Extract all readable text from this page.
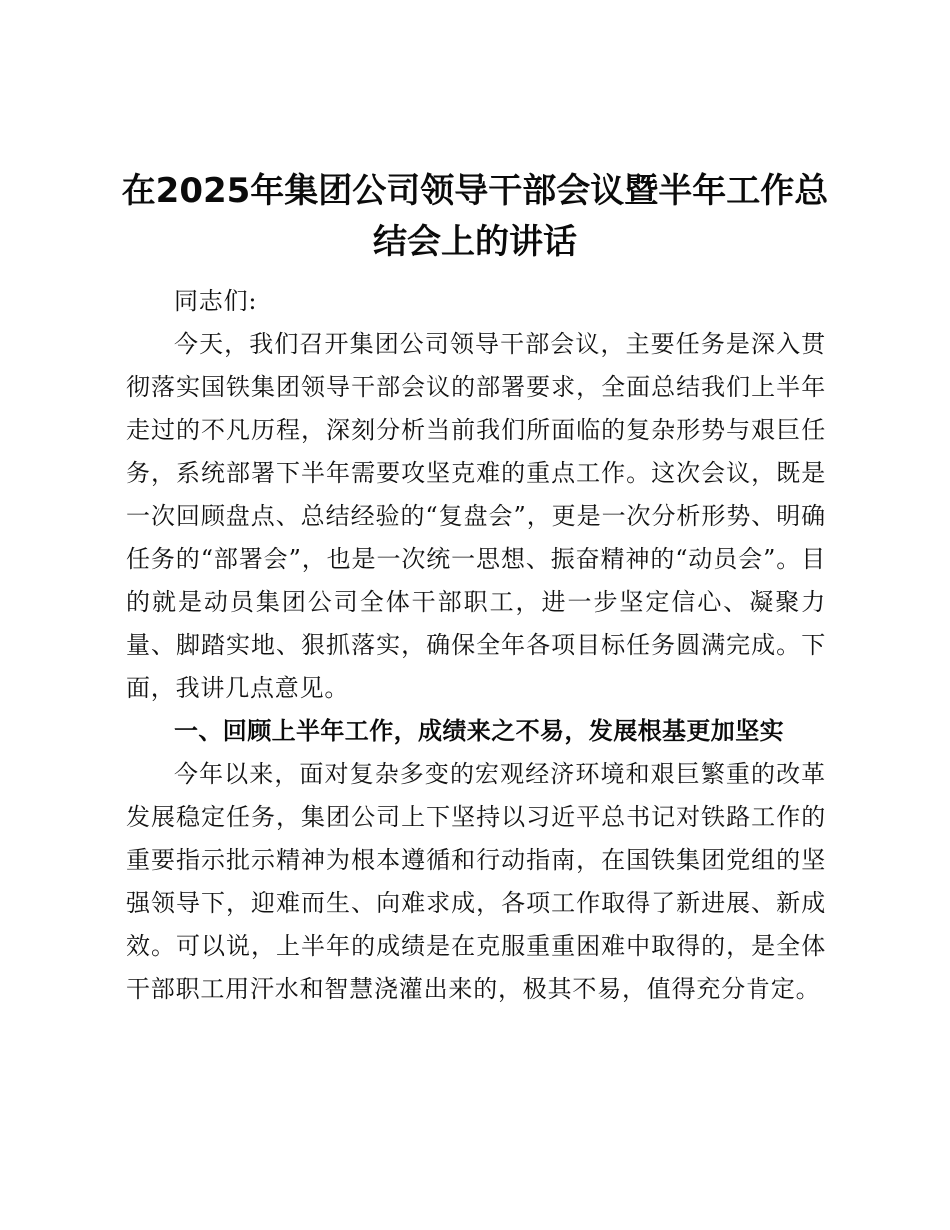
在2025年集团公司领导干部会议暨半年工作总结会上的讲话

同志们:

今天，我们召开集团公司领导干部会议，主要任务是深入贯彻落实国铁集团领导干部会议的部署要求，全面总结我们上半年走过的不凡历程，深刻分析当前我们所面临的复杂形势与艰巨任务，系统部署下半年需要攻坚克难的重点工作。这次会议，既是一次回顾盘点、总结经验的“复盘会”，更是一次分析形势、明确任务的“部署会”，也是一次统一思想、振奋精神的“动员会”。目的就是动员集团公司全体干部职工，进一步坚定信心、凝聚力量、脚踏实地、狠抓落实，确保全年各项目标任务圆满完成。下面，我讲几点意见。

一、回顾上半年工作，成绩来之不易，发展根基更加坚实

今年以来，面对复杂多变的宏观经济环境和艰巨繁重的改革发展稳定任务，集团公司上下坚持以习近平总书记对铁路工作的重要指示批示精神为根本遵循和行动指南，在国铁集团党组的坚强领导下，迎难而生、向难求成，各项工作取得了新进展、新成效。可以说，上半年的成绩是在克服重重困难中取得的，是全体干部职工用汗水和智慧浇灌出来的，极其不易，值得充分肯定。
